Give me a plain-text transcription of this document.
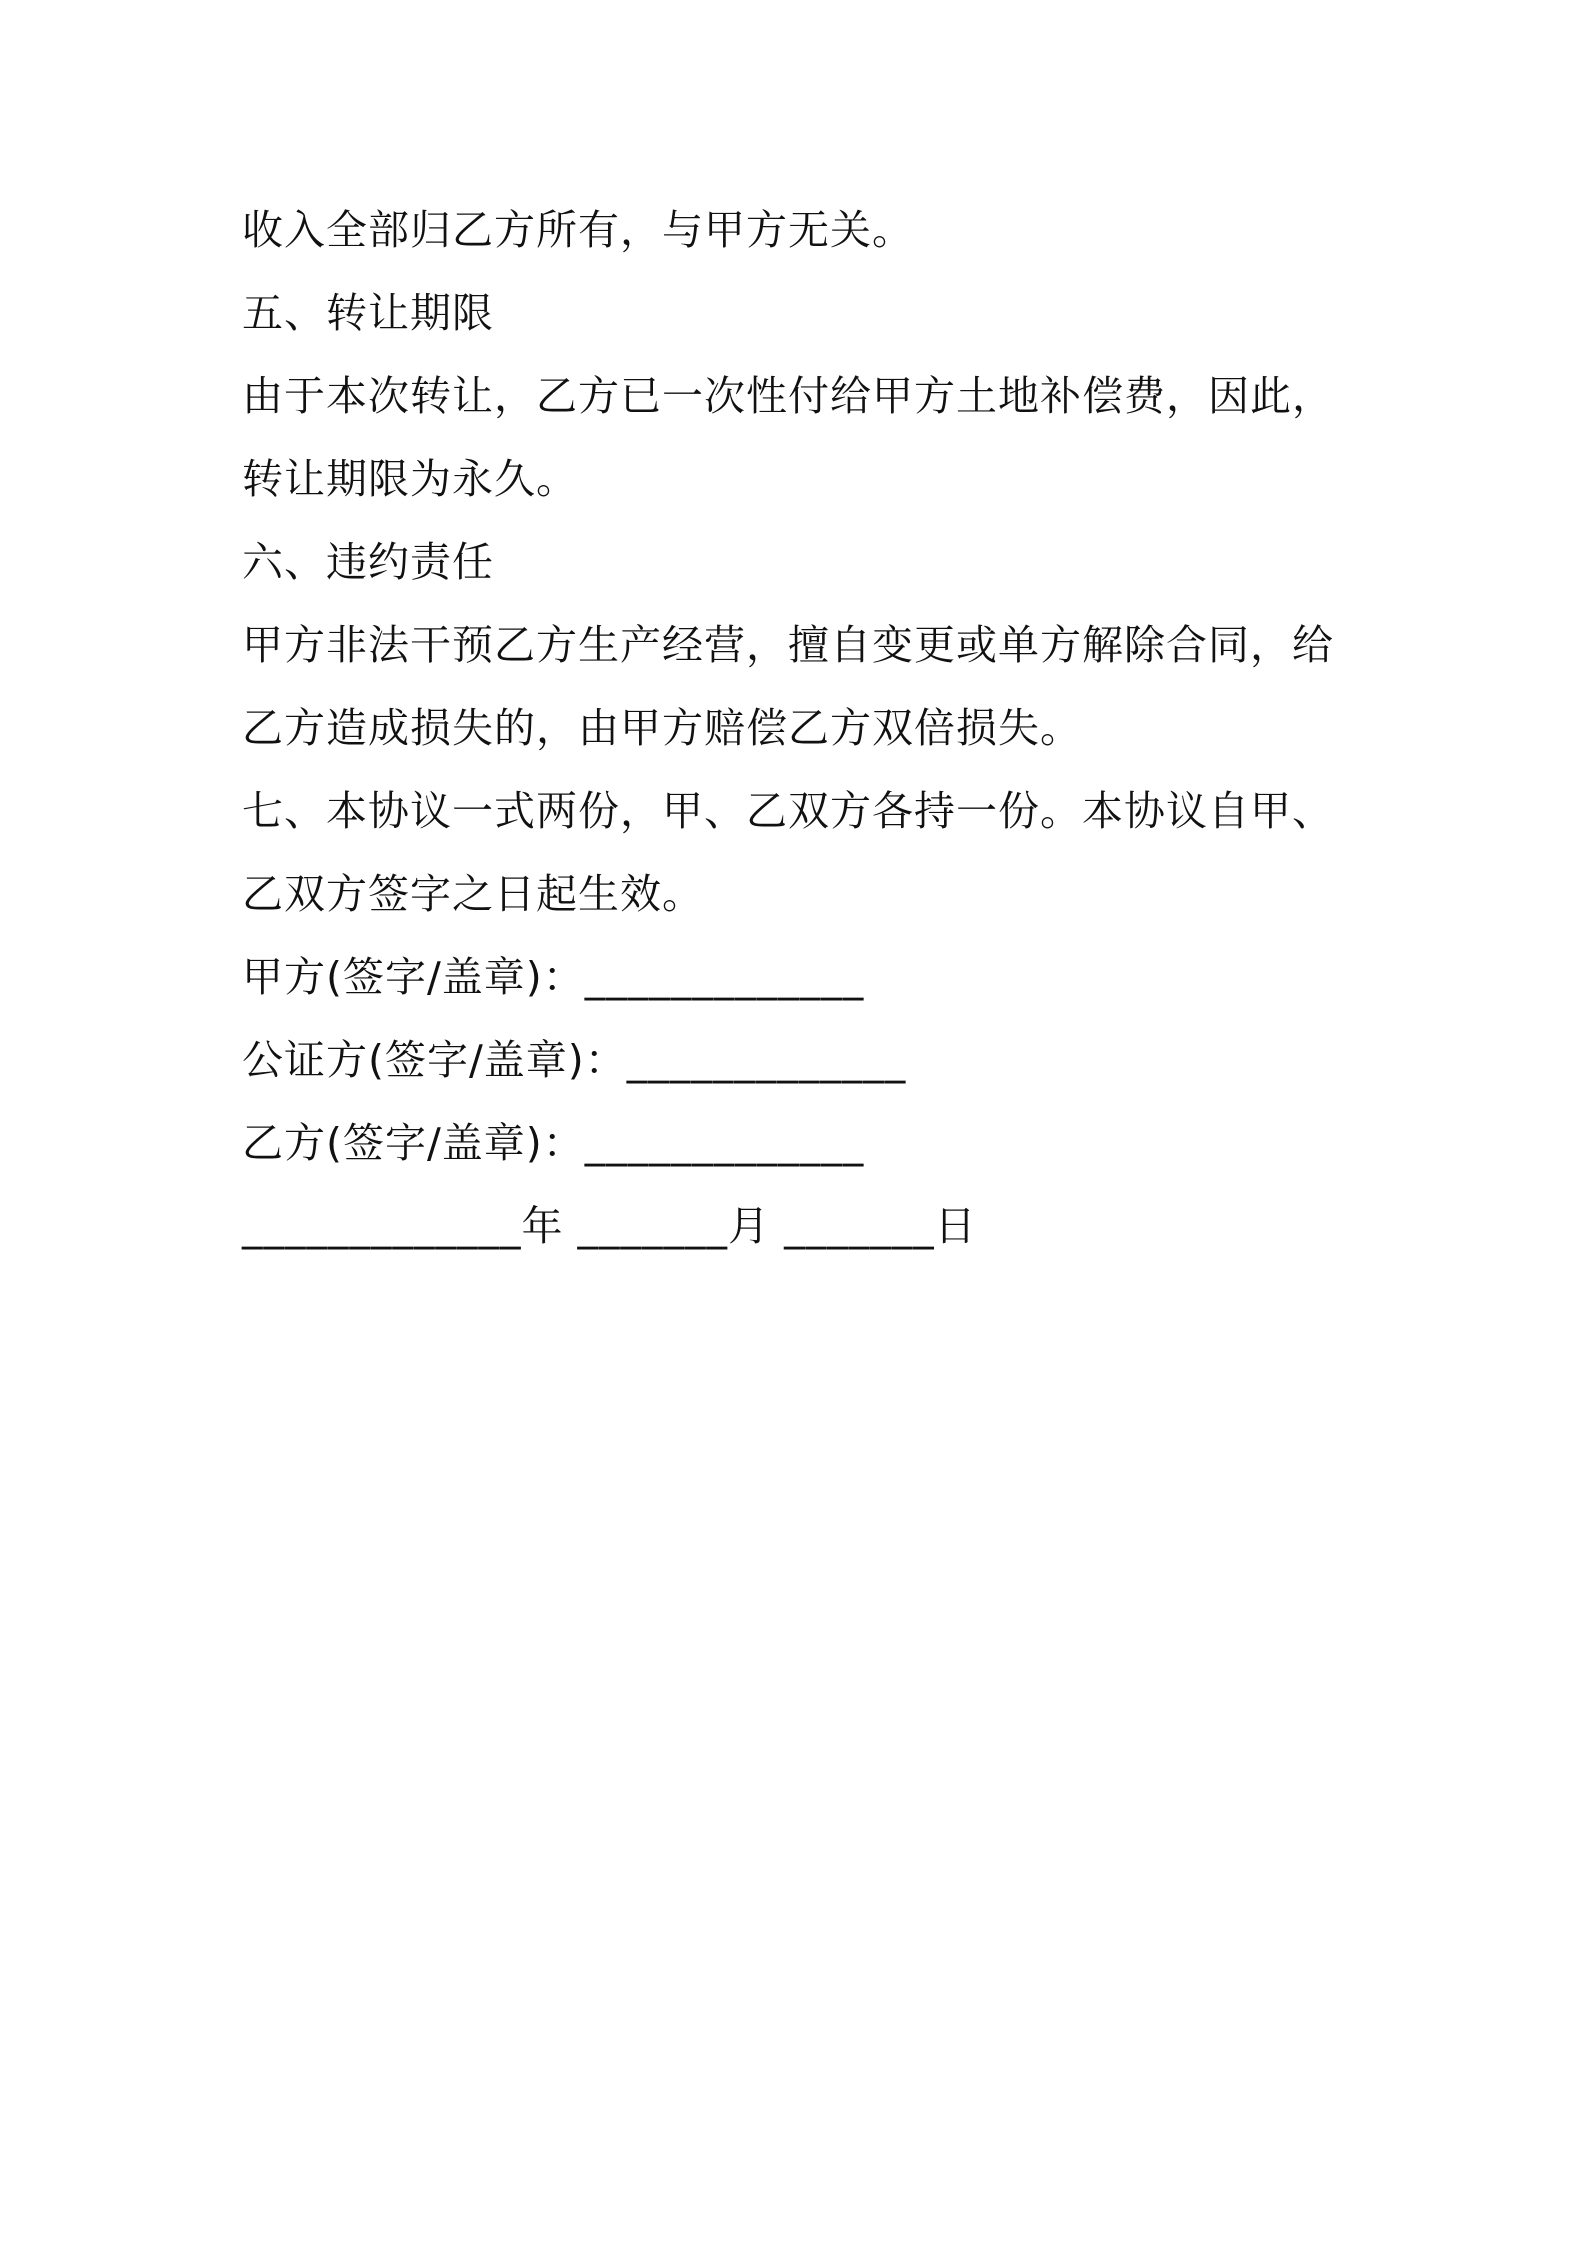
收入全部归乙方所有，与甲方无关。
五、转让期限
由于本次转让，乙方已一次性付给甲方土地补偿费，因此，
转让期限为永久。
六、违约责任
甲方非法干预乙方生产经营，擅自变更或单方解除合同，给
乙方造成损失的，由甲方赔偿乙方双倍损失。
七、本协议一式两份，甲、乙双方各持一份。本协议自甲、
乙双方签字之日起生效。
甲方(签字/盖章)：_____________
公证方(签字/盖章)：_____________
乙方(签字/盖章)：_____________
_____________年 _______月 _______日
